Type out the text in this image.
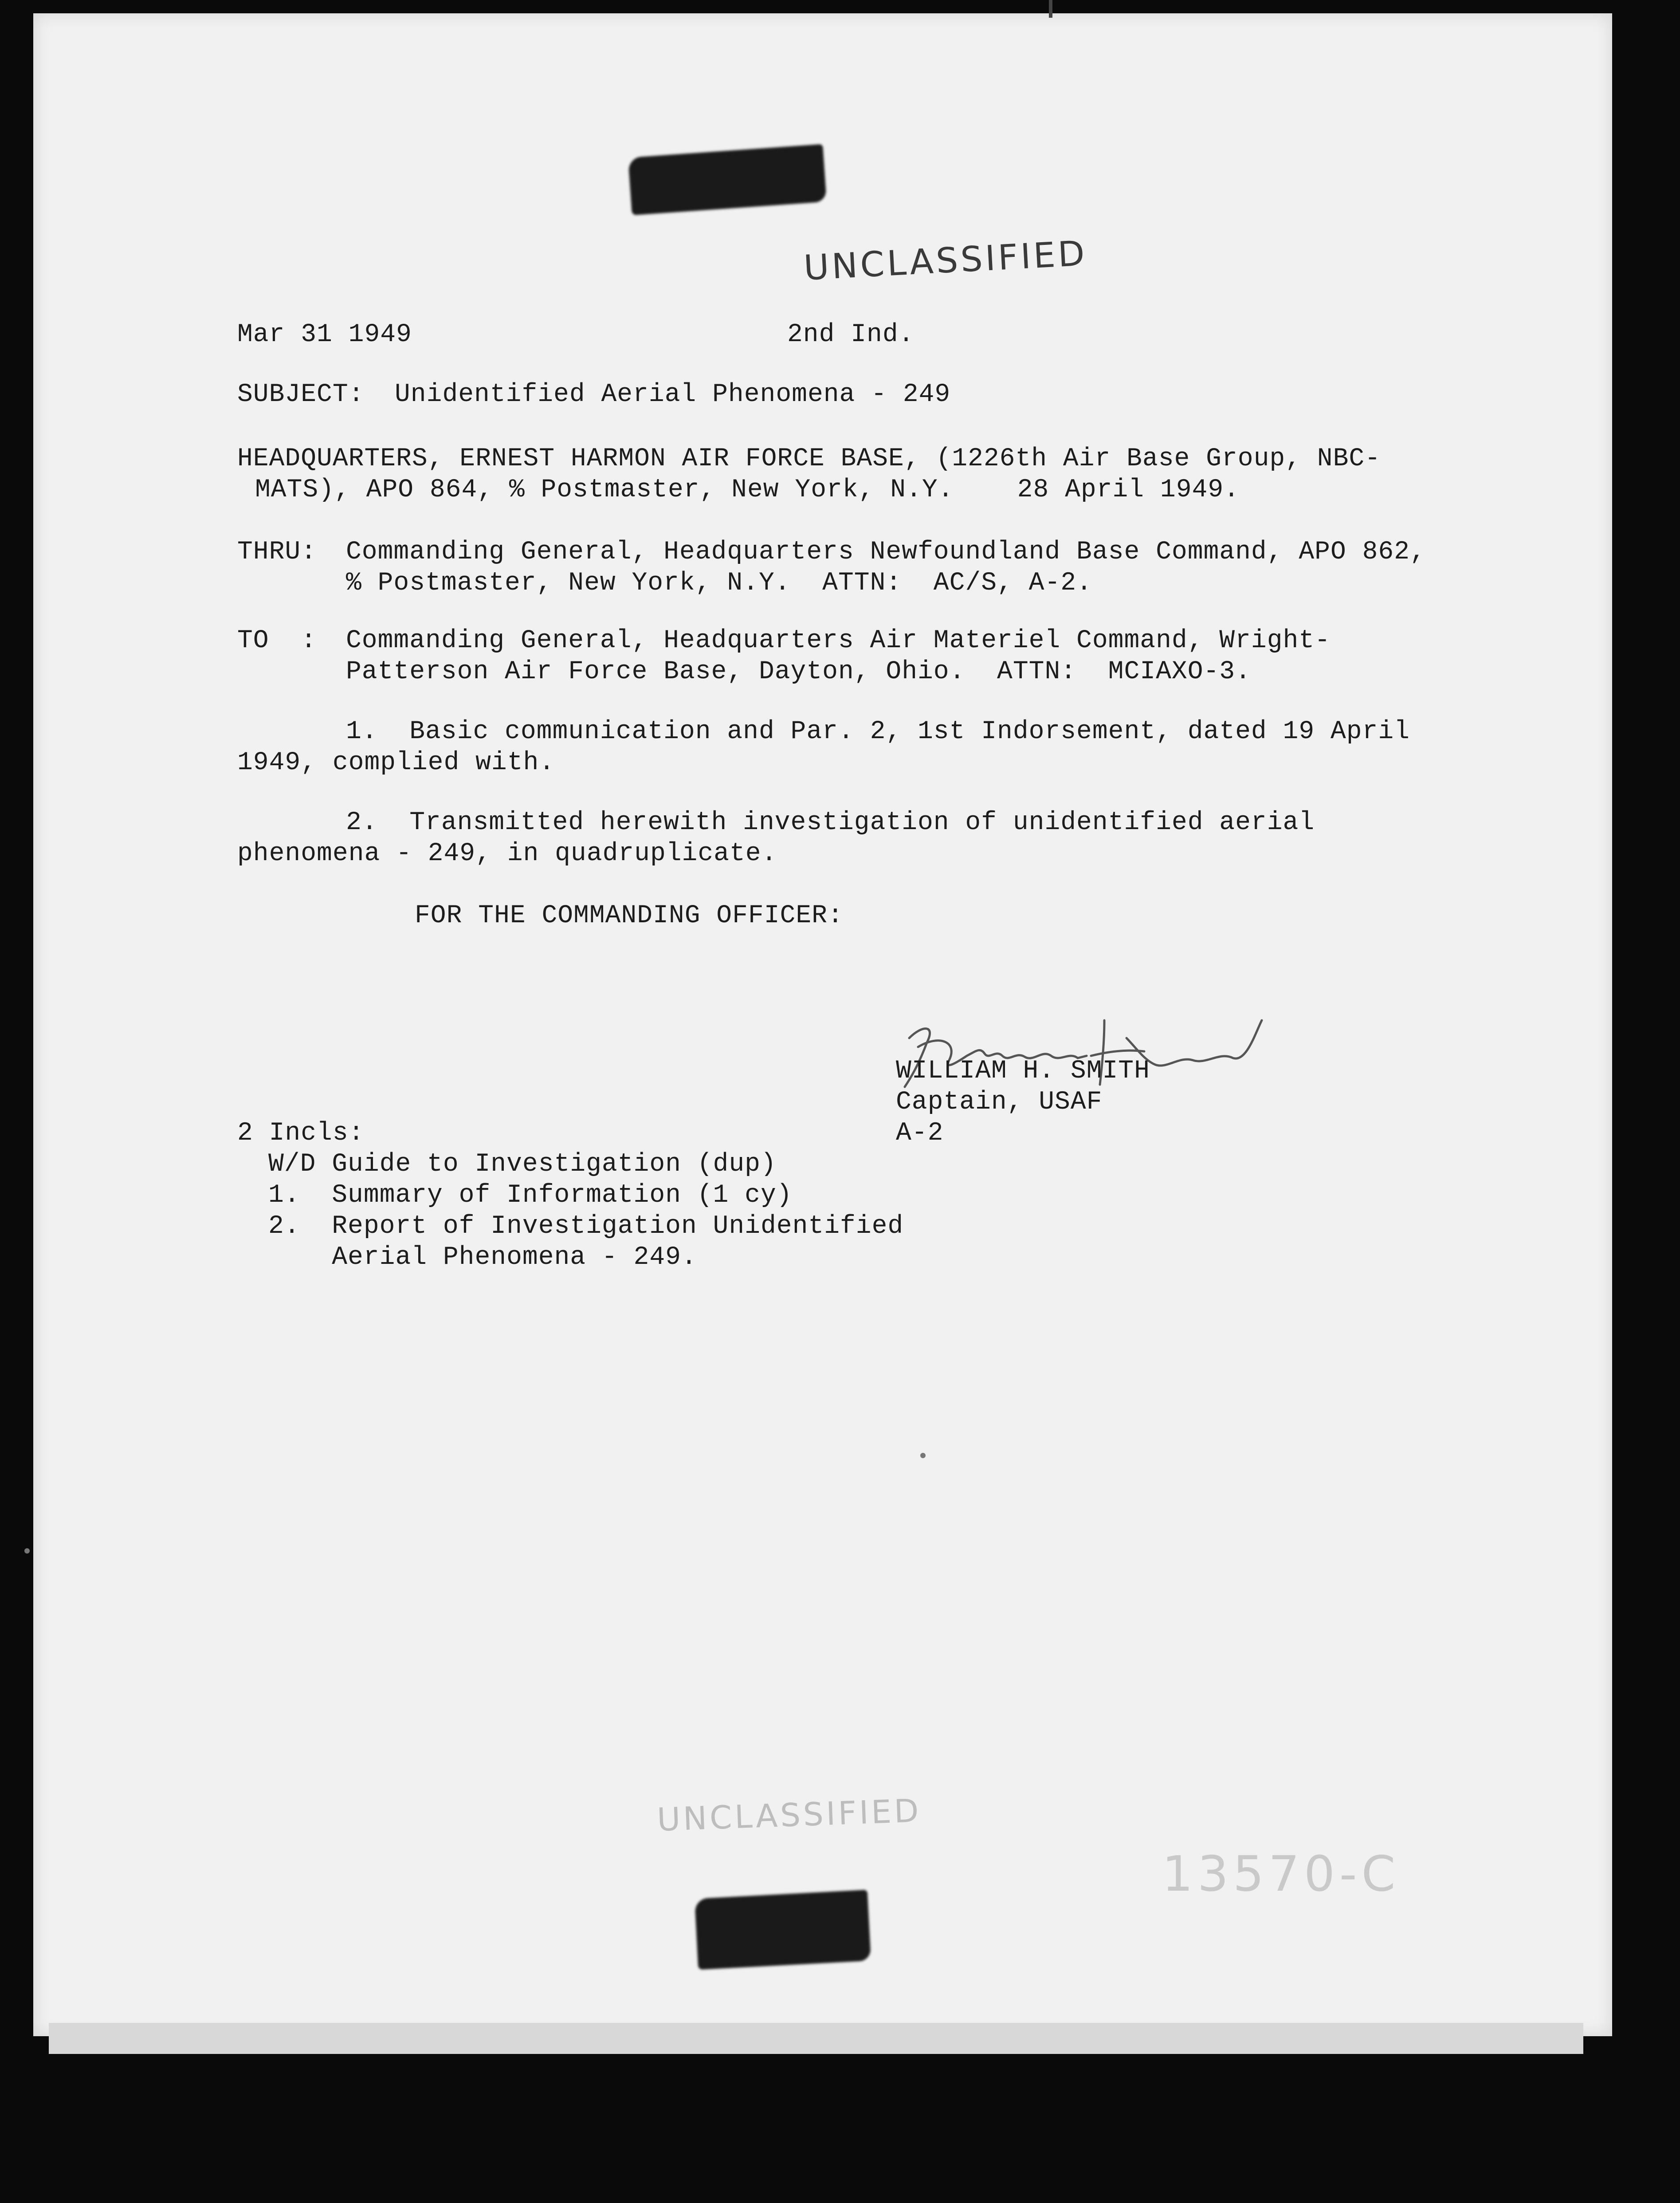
UNCLASSIFIED
UNCLASSIFIED
Mar 31 1949	2nd Ind.
SUBJECT: Unidentified Aerial Phenomena - 249
HEADQUARTERS, ERNEST HARMON AIR FORCE BASE, (1226th Air Base Group, NBC-
MATS), APO 864, % Postmaster, New York, N.Y.    28 April 1949.
THRU: Commanding General, Headquarters Newfoundland Base Command, APO 862,
% Postmaster, New York, N.Y.  ATTN:  AC/S, A-2.
TO  : Commanding General, Headquarters Air Materiel Command, Wright-
Patterson Air Force Base, Dayton, Ohio.  ATTN:  MCIAXO-3.
1.  Basic communication and Par. 2, 1st Indorsement, dated 19 April
1949, complied with.
2.  Transmitted herewith investigation of unidentified aerial
phenomena - 249, in quadruplicate.
FOR THE COMMANDING OFFICER:
WILLIAM H. SMITH
Captain, USAF
A-2
2 Incls:
W/D Guide to Investigation (dup)
1.  Summary of Information (1 cy)
2.  Report of Investigation Unidentified
Aerial Phenomena - 249.
13570-C
